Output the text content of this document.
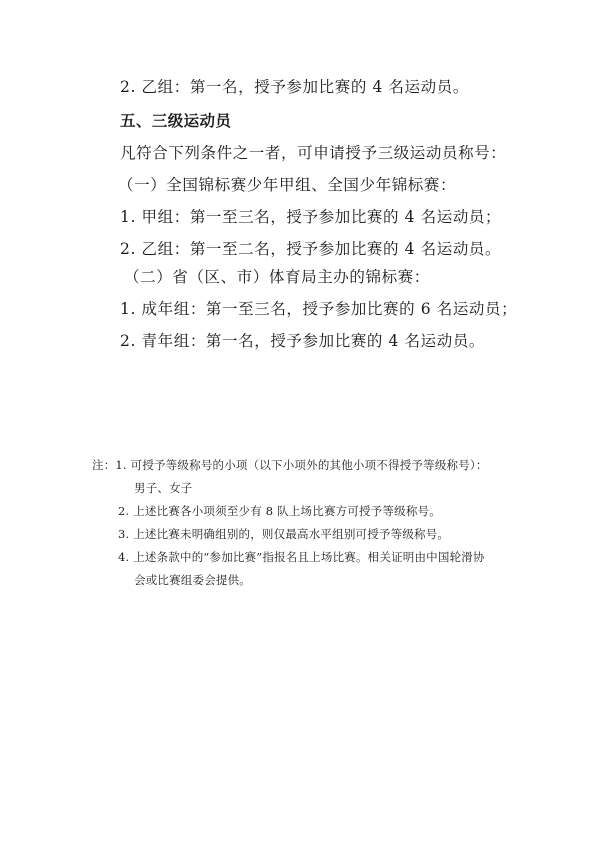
2. 乙组：第一名，授予参加比赛的 4 名运动员。
五、三级运动员
凡符合下列条件之一者，可申请授予三级运动员称号：
（一）全国锦标赛少年甲组、全国少年锦标赛：
1. 甲组：第一至三名，授予参加比赛的 4 名运动员；
2. 乙组：第一至二名，授予参加比赛的 4 名运动员。
（二）省（区、市）体育局主办的锦标赛：
1. 成年组：第一至三名，授予参加比赛的 6 名运动员；
2. 青年组：第一名，授予参加比赛的 4 名运动员。
注：1. 可授予等级称号的小项（以下小项外的其他小项不得授予等级称号）：
男子、女子
2. 上述比赛各小项须至少有 8 队上场比赛方可授予等级称号。
3. 上述比赛未明确组别的，则仅最高水平组别可授予等级称号。
4. 上述条款中的“参加比赛”指报名且上场比赛。相关证明由中国轮滑协
会或比赛组委会提供。
